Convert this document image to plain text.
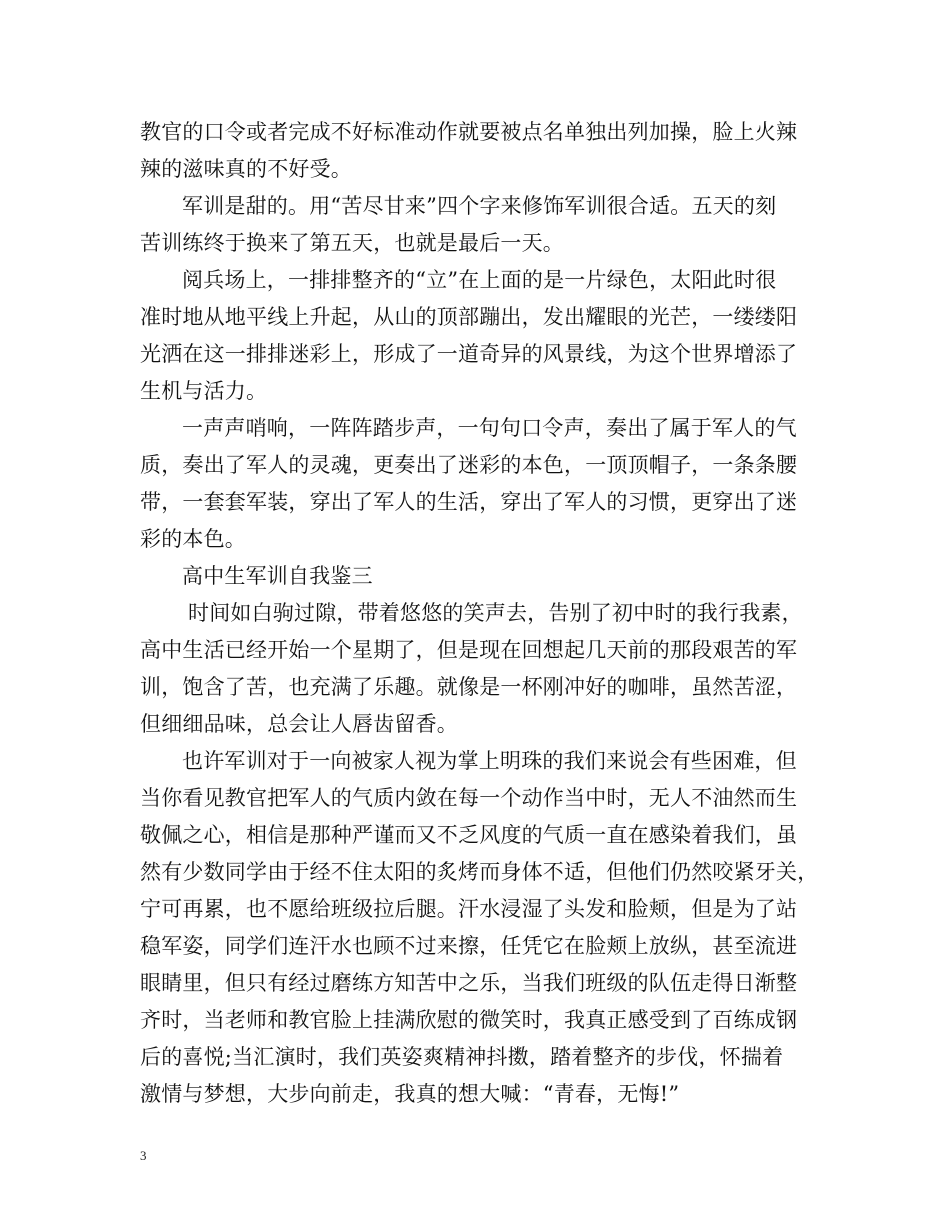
教官的口令或者完成不好标准动作就要被点名单独出列加操，脸上火辣
辣的滋味真的不好受。
军训是甜的。用“苦尽甘来”四个字来修饰军训很合适。五天的刻
苦训练终于换来了第五天，也就是最后一天。
阅兵场上，一排排整齐的“立”在上面的是一片绿色，太阳此时很
准时地从地平线上升起，从山的顶部蹦出，发出耀眼的光芒，一缕缕阳
光洒在这一排排迷彩上，形成了一道奇异的风景线，为这个世界增添了
生机与活力。
一声声哨响，一阵阵踏步声，一句句口令声，奏出了属于军人的气
质，奏出了军人的灵魂，更奏出了迷彩的本色，一顶顶帽子，一条条腰
带，一套套军装，穿出了军人的生活，穿出了军人的习惯，更穿出了迷
彩的本色。
高中生军训自我鉴三
时间如白驹过隙，带着悠悠的笑声去，告别了初中时的我行我素，
高中生活已经开始一个星期了，但是现在回想起几天前的那段艰苦的军
训，饱含了苦，也充满了乐趣。就像是一杯刚冲好的咖啡，虽然苦涩，
但细细品味，总会让人唇齿留香。
也许军训对于一向被家人视为掌上明珠的我们来说会有些困难，但
当你看见教官把军人的气质内敛在每一个动作当中时，无人不油然而生
敬佩之心，相信是那种严谨而又不乏风度的气质一直在感染着我们，虽
然有少数同学由于经不住太阳的炙烤而身体不适，但他们仍然咬紧牙关，
宁可再累，也不愿给班级拉后腿。汗水浸湿了头发和脸颊，但是为了站
稳军姿，同学们连汗水也顾不过来擦，任凭它在脸颊上放纵，甚至流进
眼睛里，但只有经过磨练方知苦中之乐，当我们班级的队伍走得日渐整
齐时，当老师和教官脸上挂满欣慰的微笑时，我真正感受到了百练成钢
后的喜悦;当汇演时，我们英姿爽精神抖擞，踏着整齐的步伐，怀揣着
激情与梦想，大步向前走，我真的想大喊：“青春，无悔!”
3
